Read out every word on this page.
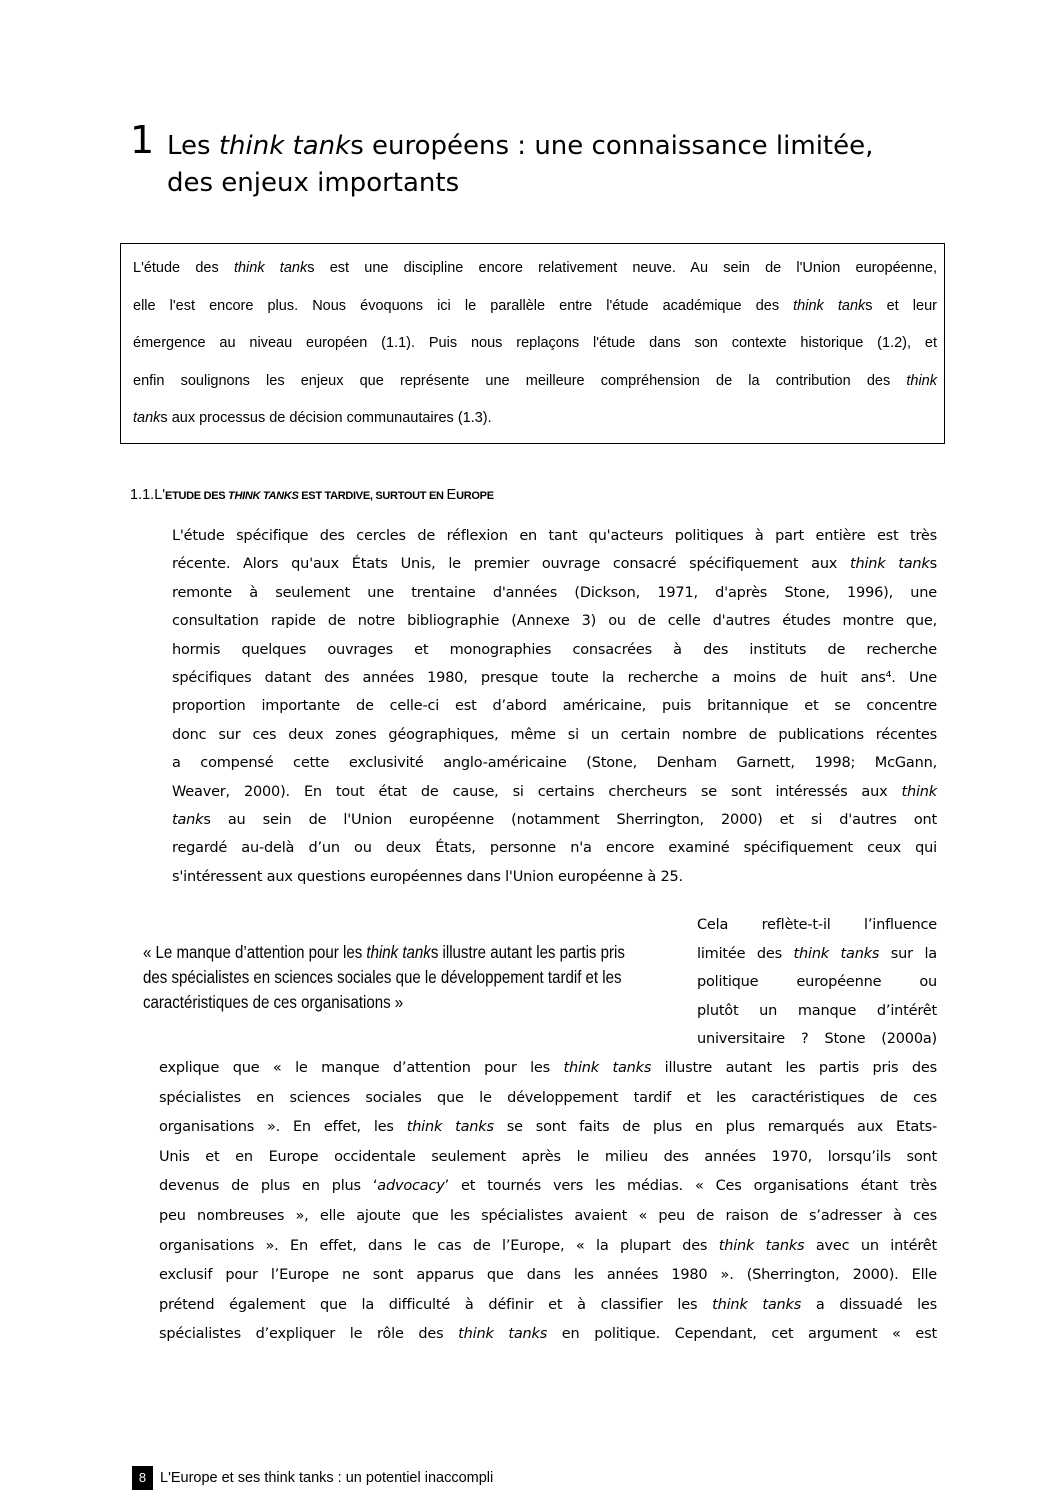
1 Les think tanks européens : une connaissance limitée,
des enjeux importants
L'étude des think tanks est une discipline encore relativement neuve. Au sein de l'Union européenne,
elle l'est encore plus. Nous évoquons ici le parallèle entre l'étude académique des think tanks et leur
émergence au niveau européen (1.1). Puis nous replaçons l'étude dans son contexte historique (1.2), et
enfin soulignons les enjeux que représente une meilleure compréhension de la contribution des think
tanks aux processus de décision communautaires (1.3).
1.1.L'ETUDE DES THINK TANKS EST TARDIVE, SURTOUT EN EUROPE
L'étude spécifique des cercles de réflexion en tant qu'acteurs politiques à part entière est très
récente. Alors qu'aux États Unis, le premier ouvrage consacré spécifiquement aux think tanks
remonte à seulement une trentaine d'années (Dickson, 1971, d'après Stone, 1996), une
consultation rapide de notre bibliographie (Annexe 3) ou de celle d'autres études montre que,
hormis quelques ouvrages et monographies consacrées à des instituts de recherche
spécifiques datant des années 1980, presque toute la recherche a moins de huit ans⁴. Une
proportion importante de celle-ci est d’abord américaine, puis britannique et se concentre
donc sur ces deux zones géographiques, même si un certain nombre de publications récentes
a compensé cette exclusivité anglo-américaine (Stone, Denham Garnett, 1998; McGann,
Weaver, 2000). En tout état de cause, si certains chercheurs se sont intéressés aux think
tanks au sein de l'Union européenne (notamment Sherrington, 2000) et si d'autres ont
regardé au-delà d’un ou deux États, personne n'a encore examiné spécifiquement ceux qui
s'intéressent aux questions européennes dans l'Union européenne à 25.
« Le manque d’attention pour les think tanks illustre autant les partis pris
des spécialistes en sciences sociales que le développement tardif et les
caractéristiques de ces organisations »
Cela reflète-t-il l’influence
limitée des think tanks sur la
politique européenne ou
plutôt un manque d’intérêt
universitaire ? Stone (2000a)
explique que « le manque d’attention pour les think tanks illustre autant les partis pris des
spécialistes en sciences sociales que le développement tardif et les caractéristiques de ces
organisations ». En effet, les think tanks se sont faits de plus en plus remarqués aux Etats-
Unis et en Europe occidentale seulement après le milieu des années 1970, lorsqu’ils sont
devenus de plus en plus ‘advocacy’ et tournés vers les médias. « Ces organisations étant très
peu nombreuses », elle ajoute que les spécialistes avaient « peu de raison de s’adresser à ces
organisations ». En effet, dans le cas de l’Europe, « la plupart des think tanks avec un intérêt
exclusif pour l’Europe ne sont apparus que dans les années 1980 ». (Sherrington, 2000). Elle
prétend également que la difficulté à définir et à classifier les think tanks a dissuadé les
spécialistes d’expliquer le rôle des think tanks en politique. Cependant, cet argument « est
8 L'Europe et ses think tanks : un potentiel inaccompli
